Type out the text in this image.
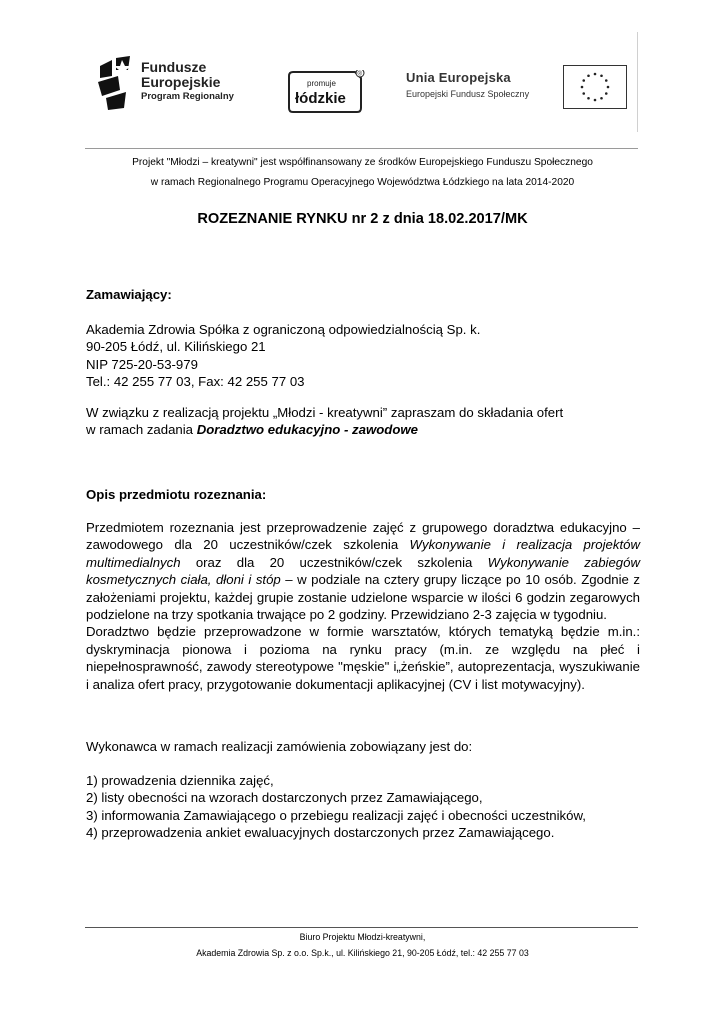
Fundusze
Europejskie
Program Regionalny
promuje
łódzkie
®	Unia Europejska
Europejski Fundusz Społeczny
Projekt "Młodzi – kreatywni" jest współfinansowany ze środków Europejskiego Funduszu Społecznego
w ramach Regionalnego Programu Operacyjnego Województwa Łódzkiego na lata 2014-2020
ROZEZNANIE RYNKU nr 2 z dnia 18.02.2017/MK

Zamawiający:

Akademia Zdrowia Spółka z ograniczoną odpowiedzialnością Sp. k.

90-205 Łódź, ul. Kilińskiego 21

NIP 725-20-53-979

Tel.: 42 255 77 03, Fax: 42 255 77 03

W związku z realizacją projektu „Młodzi - kreatywni” zapraszam do składania ofert

w ramach zadania Doradztwo edukacyjno - zawodowe

Opis przedmiotu rozeznania:

Przedmiotem rozeznania jest przeprowadzenie zajęć z grupowego doradztwa edukacyjno – zawodowego dla 20 uczestników/czek szkolenia Wykonywanie i realizacja projektów multimedialnych oraz dla 20 uczestników/czek szkolenia Wykonywanie zabiegów kosmetycznych ciała, dłoni i stóp – w podziale na cztery grupy liczące po 10 osób. Zgodnie z założeniami projektu, każdej grupie zostanie udzielone wsparcie w ilości 6 godzin zegarowych podzielone na trzy spotkania trwające po 2 godziny. Przewidziano 2-3 zajęcia w tygodniu.

Doradztwo będzie przeprowadzone w formie warsztatów, których tematyką będzie m.in.: dyskryminacja pionowa i pozioma na rynku pracy (m.in. ze względu na płeć i niepełnosprawność, zawody stereotypowe "męskie" i„żeńskie”, autoprezentacja, wyszukiwanie i analiza ofert pracy, przygotowanie dokumentacji aplikacyjnej (CV i list motywacyjny).

Wykonawca w ramach realizacji zamówienia zobowiązany jest do:

1) prowadzenia dziennika zajęć,

2) listy obecności na wzorach dostarczonych przez Zamawiającego,

3) informowania Zamawiającego o przebiegu realizacji zajęć i obecności uczestników,

4) przeprowadzenia ankiet ewaluacyjnych dostarczonych przez Zamawiającego.

Biuro Projektu Młodzi-kreatywni,
Akademia Zdrowia Sp. z o.o. Sp.k., ul. Kilińskiego 21, 90-205 Łódź, tel.: 42 255 77 03
